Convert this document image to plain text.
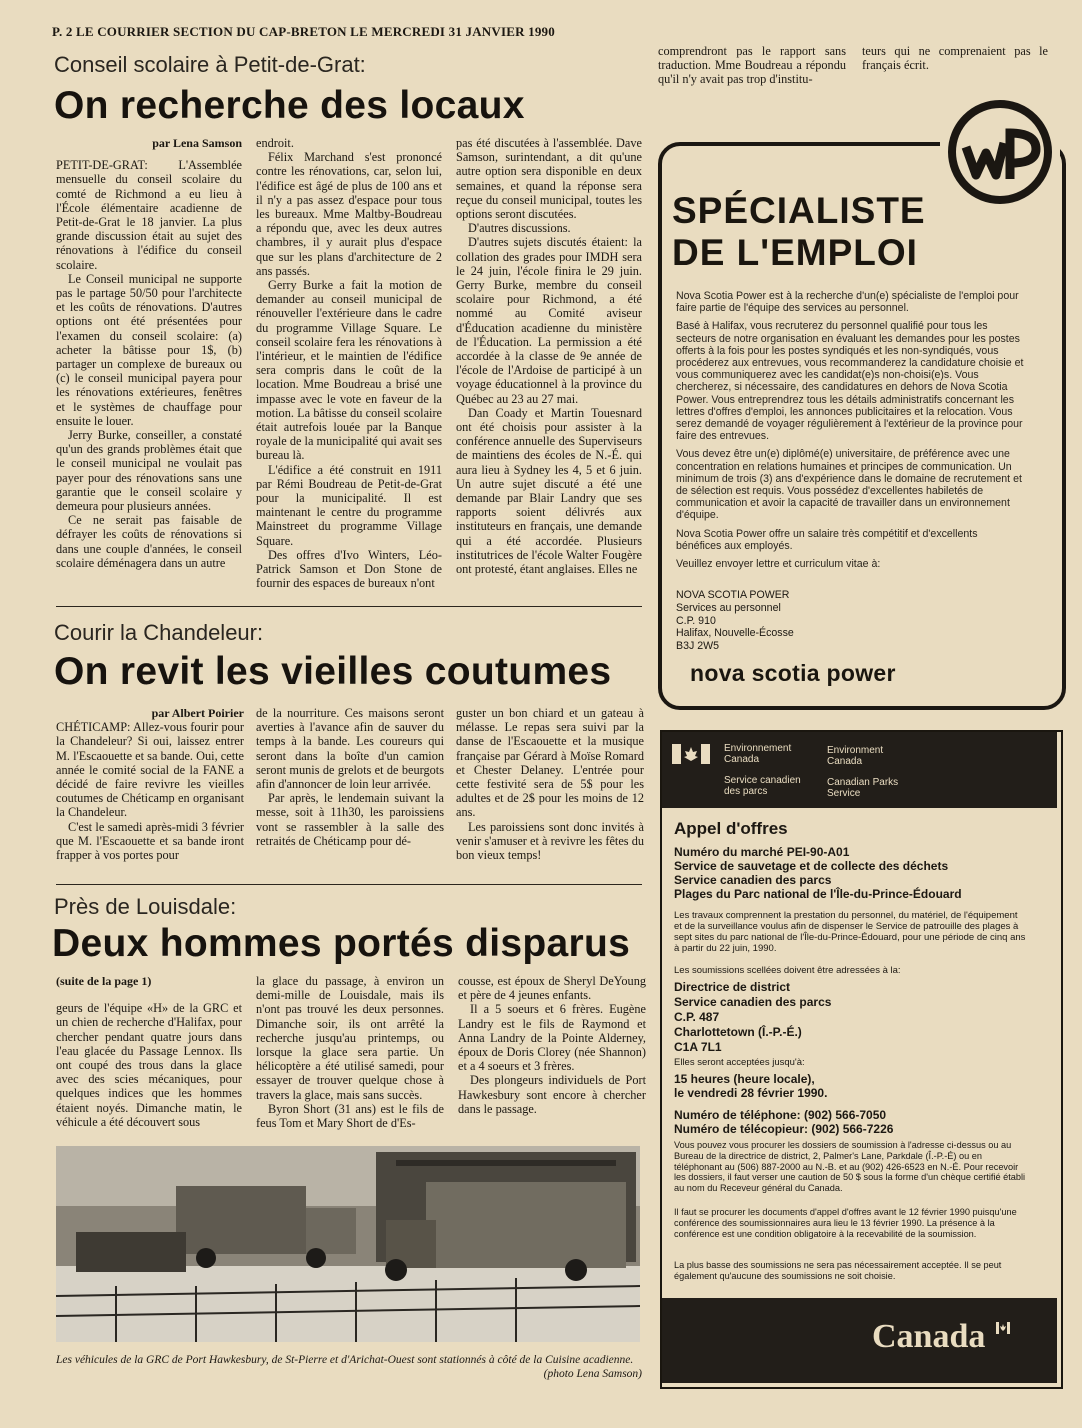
P. 2 LE COURRIER SECTION DU CAP-BRETON LE MERCREDI 31 JANVIER 1990

comprendront pas le rapport sans traduction. Mme Boudreau a répondu qu'il n'y avait pas trop d'institu-

teurs qui ne comprenaient pas le français écrit.

Conseil scolaire à Petit-de-Grat:
On recherche des locaux
par Lena Samson

PETIT-DE-GRAT: L'Assemblée mensuelle du conseil scolaire du comté de Richmond a eu lieu à l'École élémentaire acadienne de Petit-de-Grat le 18 janvier. La plus grande discussion était au sujet des rénovations à l'édifice du conseil scolaire.

Le Conseil municipal ne supporte pas le partage 50/50 pour l'architecte et les coûts de rénovations. D'autres options ont été présentées pour l'examen du conseil scolaire: (a) acheter la bâtisse pour 1$, (b) partager un complexe de bureaux ou (c) le conseil municipal payera pour les rénovations extérieures, fenêtres et le systèmes de chauffage pour ensuite le louer.

Jerry Burke, conseiller, a constaté qu'un des grands problèmes était que le conseil municipal ne voulait pas payer pour des rénovations sans une garantie que le conseil scolaire y demeura pour plusieurs années.

Ce ne serait pas faisable de défrayer les coûts de rénovations si dans une couple d'années, le conseil scolaire déménagera dans un autre

endroit.

Félix Marchand s'est prononcé contre les rénovations, car, selon lui, l'édifice est âgé de plus de 100 ans et il n'y a pas assez d'espace pour tous les bureaux. Mme Maltby-Boudreau a répondu que, avec les deux autres chambres, il y aurait plus d'espace que sur les plans d'architecture de 2 ans passés.

Gerry Burke a fait la motion de demander au conseil municipal de rénouveller l'extérieure dans le cadre du programme Village Square. Le conseil scolaire fera les rénovations à l'intérieur, et le maintien de l'édifice sera compris dans le coût de la location. Mme Boudreau a brisé une impasse avec le vote en faveur de la motion. La bâtisse du conseil scolaire était autrefois louée par la Banque royale de la municipalité qui avait ses bureau là.

L'édifice a été construit en 1911 par Rémi Boudreau de Petit-de-Grat pour la municipalité. Il est maintenant le centre du programme Mainstreet du programme Village Square.

Des offres d'Ivo Winters, Léo-Patrick Samson et Don Stone de fournir des espaces de bureaux n'ont

pas été discutées à l'assemblée. Dave Samson, surintendant, a dit qu'une autre option sera disponible en deux semaines, et quand la réponse sera reçue du conseil municipal, toutes les options seront discutées.

D'autres discussions.

D'autres sujets discutés étaient: la collation des grades pour IMDH sera le 24 juin, l'école finira le 29 juin. Gerry Burke, membre du conseil scolaire pour Richmond, a été nommé au Comité aviseur d'Éducation acadienne du ministère de l'Éducation. La permission a été accordée à la classe de 9e année de l'école de l'Ardoise de participé à un voyage éducationnel à la province du Québec au 23 au 27 mai.

Dan Coady et Martin Touesnard ont été choisis pour assister à la conférence annuelle des Superviseurs de maintiens des écoles de N.-É. qui aura lieu à Sydney les 4, 5 et 6 juin. Un autre sujet discuté a été une demande par Blair Landry que ses rapports soient délivrés aux instituteurs en français, une demande qui a été accordée. Plusieurs institutrices de l'école Walter Fougère ont protesté, étant anglaises. Elles ne

Courir la Chandeleur:
On revit les vieilles coutumes
par Albert Poirier

CHÉTICAMP: Allez-vous fourir pour la Chandeleur? Si oui, laissez entrer M. l'Escaouette et sa bande. Oui, cette année le comité social de la FANE a décidé de faire revivre les vieilles coutumes de Chéticamp en organisant la Chandeleur.

C'est le samedi après-midi 3 février que M. l'Escaouette et sa bande iront frapper à vos portes pour

de la nourriture. Ces maisons seront averties à l'avance afin de sauver du temps à la bande. Les coureurs qui seront dans la boîte d'un camion seront munis de grelots et de beurgots afin d'annoncer de loin leur arrivée.

Par après, le lendemain suivant la messe, soit à 11h30, les paroissiens vont se rassembler à la salle des retraités de Chéticamp pour dé-

guster un bon chiard et un gateau à mélasse. Le repas sera suivi par la danse de l'Escaouette et la musique française par Gérard à Moïse Romard et Chester Delaney. L'entrée pour cette festivité sera de 5$ pour les adultes et de 2$ pour les moins de 12 ans.

Les paroissiens sont donc invités à venir s'amuser et à revivre les fêtes du bon vieux temps!

Près de Louisdale:
Deux hommes portés disparus
(suite de la page 1)

geurs de l'équipe «H» de la GRC et un chien de recherche d'Halifax, pour chercher pendant quatre jours dans l'eau glacée du Passage Lennox. Ils ont coupé des trous dans la glace avec des scies mécaniques, pour quelques indices que les hommes étaient noyés. Dimanche matin, le véhicule a été découvert sous

la glace du passage, à environ un demi-mille de Louisdale, mais ils n'ont pas trouvé les deux personnes. Dimanche soir, ils ont arrêté la recherche jusqu'au printemps, ou lorsque la glace sera partie. Un hélicoptère a été utilisé samedi, pour essayer de trouver quelque chose à travers la glace, mais sans succès.

Byron Short (31 ans) est le fils de feus Tom et Mary Short de d'Es-

cousse, est époux de Sheryl DeYoung et père de 4 jeunes enfants.

Il a 5 soeurs et 6 frères. Eugène Landry est le fils de Raymond et Anna Landry de la Pointe Alderney, époux de Doris Clorey (née Shannon) et a 4 soeurs et 3 frères.

Des plongeurs individuels de Port Hawkesbury sont encore à chercher dans le passage.

Les véhicules de la GRC de Port Hawkesbury, de St-Pierre et d'Arichat-Ouest sont stationnés à côté de la Cuisine acadienne.
(photo Lena Samson)
SPÉCIALISTE
DE L'EMPLOI

Nova Scotia Power est à la recherche d'un(e) spécialiste de l'emploi pour faire partie de l'équipe des services au personnel.

Basé à Halifax, vous recruterez du personnel qualifié pour tous les secteurs de notre organisation en évaluant les demandes pour les postes offerts à la fois pour les postes syndiqués et les non-syndiqués, vous procéderez aux entrevues, vous recommanderez la candidature choisie et vous communiquerez avec les candidat(e)s non-choisi(e)s. Vous chercherez, si nécessaire, des candidatures en dehors de Nova Scotia Power. Vous entreprendrez tous les détails administratifs concernant les lettres d'offres d'emploi, les annonces publicitaires et la relocation. Vous serez demandé de voyager régulièrement à l'extérieur de la province pour faire des entrevues.

Vous devez être un(e) diplômé(e) universitaire, de préférence avec une concentration en relations humaines et principes de communication. Un minimum de trois (3) ans d'expérience dans le domaine de recrutement et de sélection est requis. Vous possédez d'excellentes habiletés de communication et avoir la capacité de travailler dans un environnement d'équipe.

Nova Scotia Power offre un salaire très compétitif et d'excellents bénéfices aux employés.

Veuillez envoyer lettre et curriculum vitae à:

NOVA SCOTIA POWER
Services au personnel
C.P. 910
Halifax, Nouvelle-Écosse
B3J 2W5
nova scotia power
Environnement
Canada
Environment
Canada
Service canadien
des parcs
Canadian Parks
Service
Appel d'offres
Numéro du marché PEI-90-A01
Service de sauvetage et de collecte des déchets
Service canadien des parcs
Plages du Parc national de l'Île-du-Prince-Édouard
Les travaux comprennent la prestation du personnel, du matériel, de l'équipement et de la surveillance voulus afin de dispenser le Service de patrouille des plages à sept sites du parc national de l'Île-du-Prince-Édouard, pour une période de cinq ans à partir du 22 juin, 1990.
Les soumissions scellées doivent être adressées à la:
Directrice de district
Service canadien des parcs
C.P. 487
Charlottetown (Î.-P.-É.)
C1A 7L1
Elles seront acceptées jusqu'à:
15 heures (heure locale),
le vendredi 28 février 1990.
Numéro de téléphone: (902) 566-7050
Numéro de télécopieur: (902) 566-7226
Vous pouvez vous procurer les dossiers de soumission à l'adresse ci-dessus ou au Bureau de la directrice de district, 2, Palmer's Lane, Parkdale (Î.-P.-É) ou en téléphonant au (506) 887-2000 au N.-B. et au (902) 426-6523 en N.-É. Pour recevoir les dossiers, il faut verser une caution de 50 $ sous la forme d'un chèque certifié établi au nom du Receveur général du Canada.
Il faut se procurer les documents d'appel d'offres avant le 12 février 1990 puisqu'une conférence des soumissionnaires aura lieu le 13 février 1990. La présence à la conférence est une condition obligatoire à la recevabilité de la soumission.
La plus basse des soumissions ne sera pas nécessairement acceptée. Il se peut également qu'aucune des soumissions ne soit choisie.
Canada
